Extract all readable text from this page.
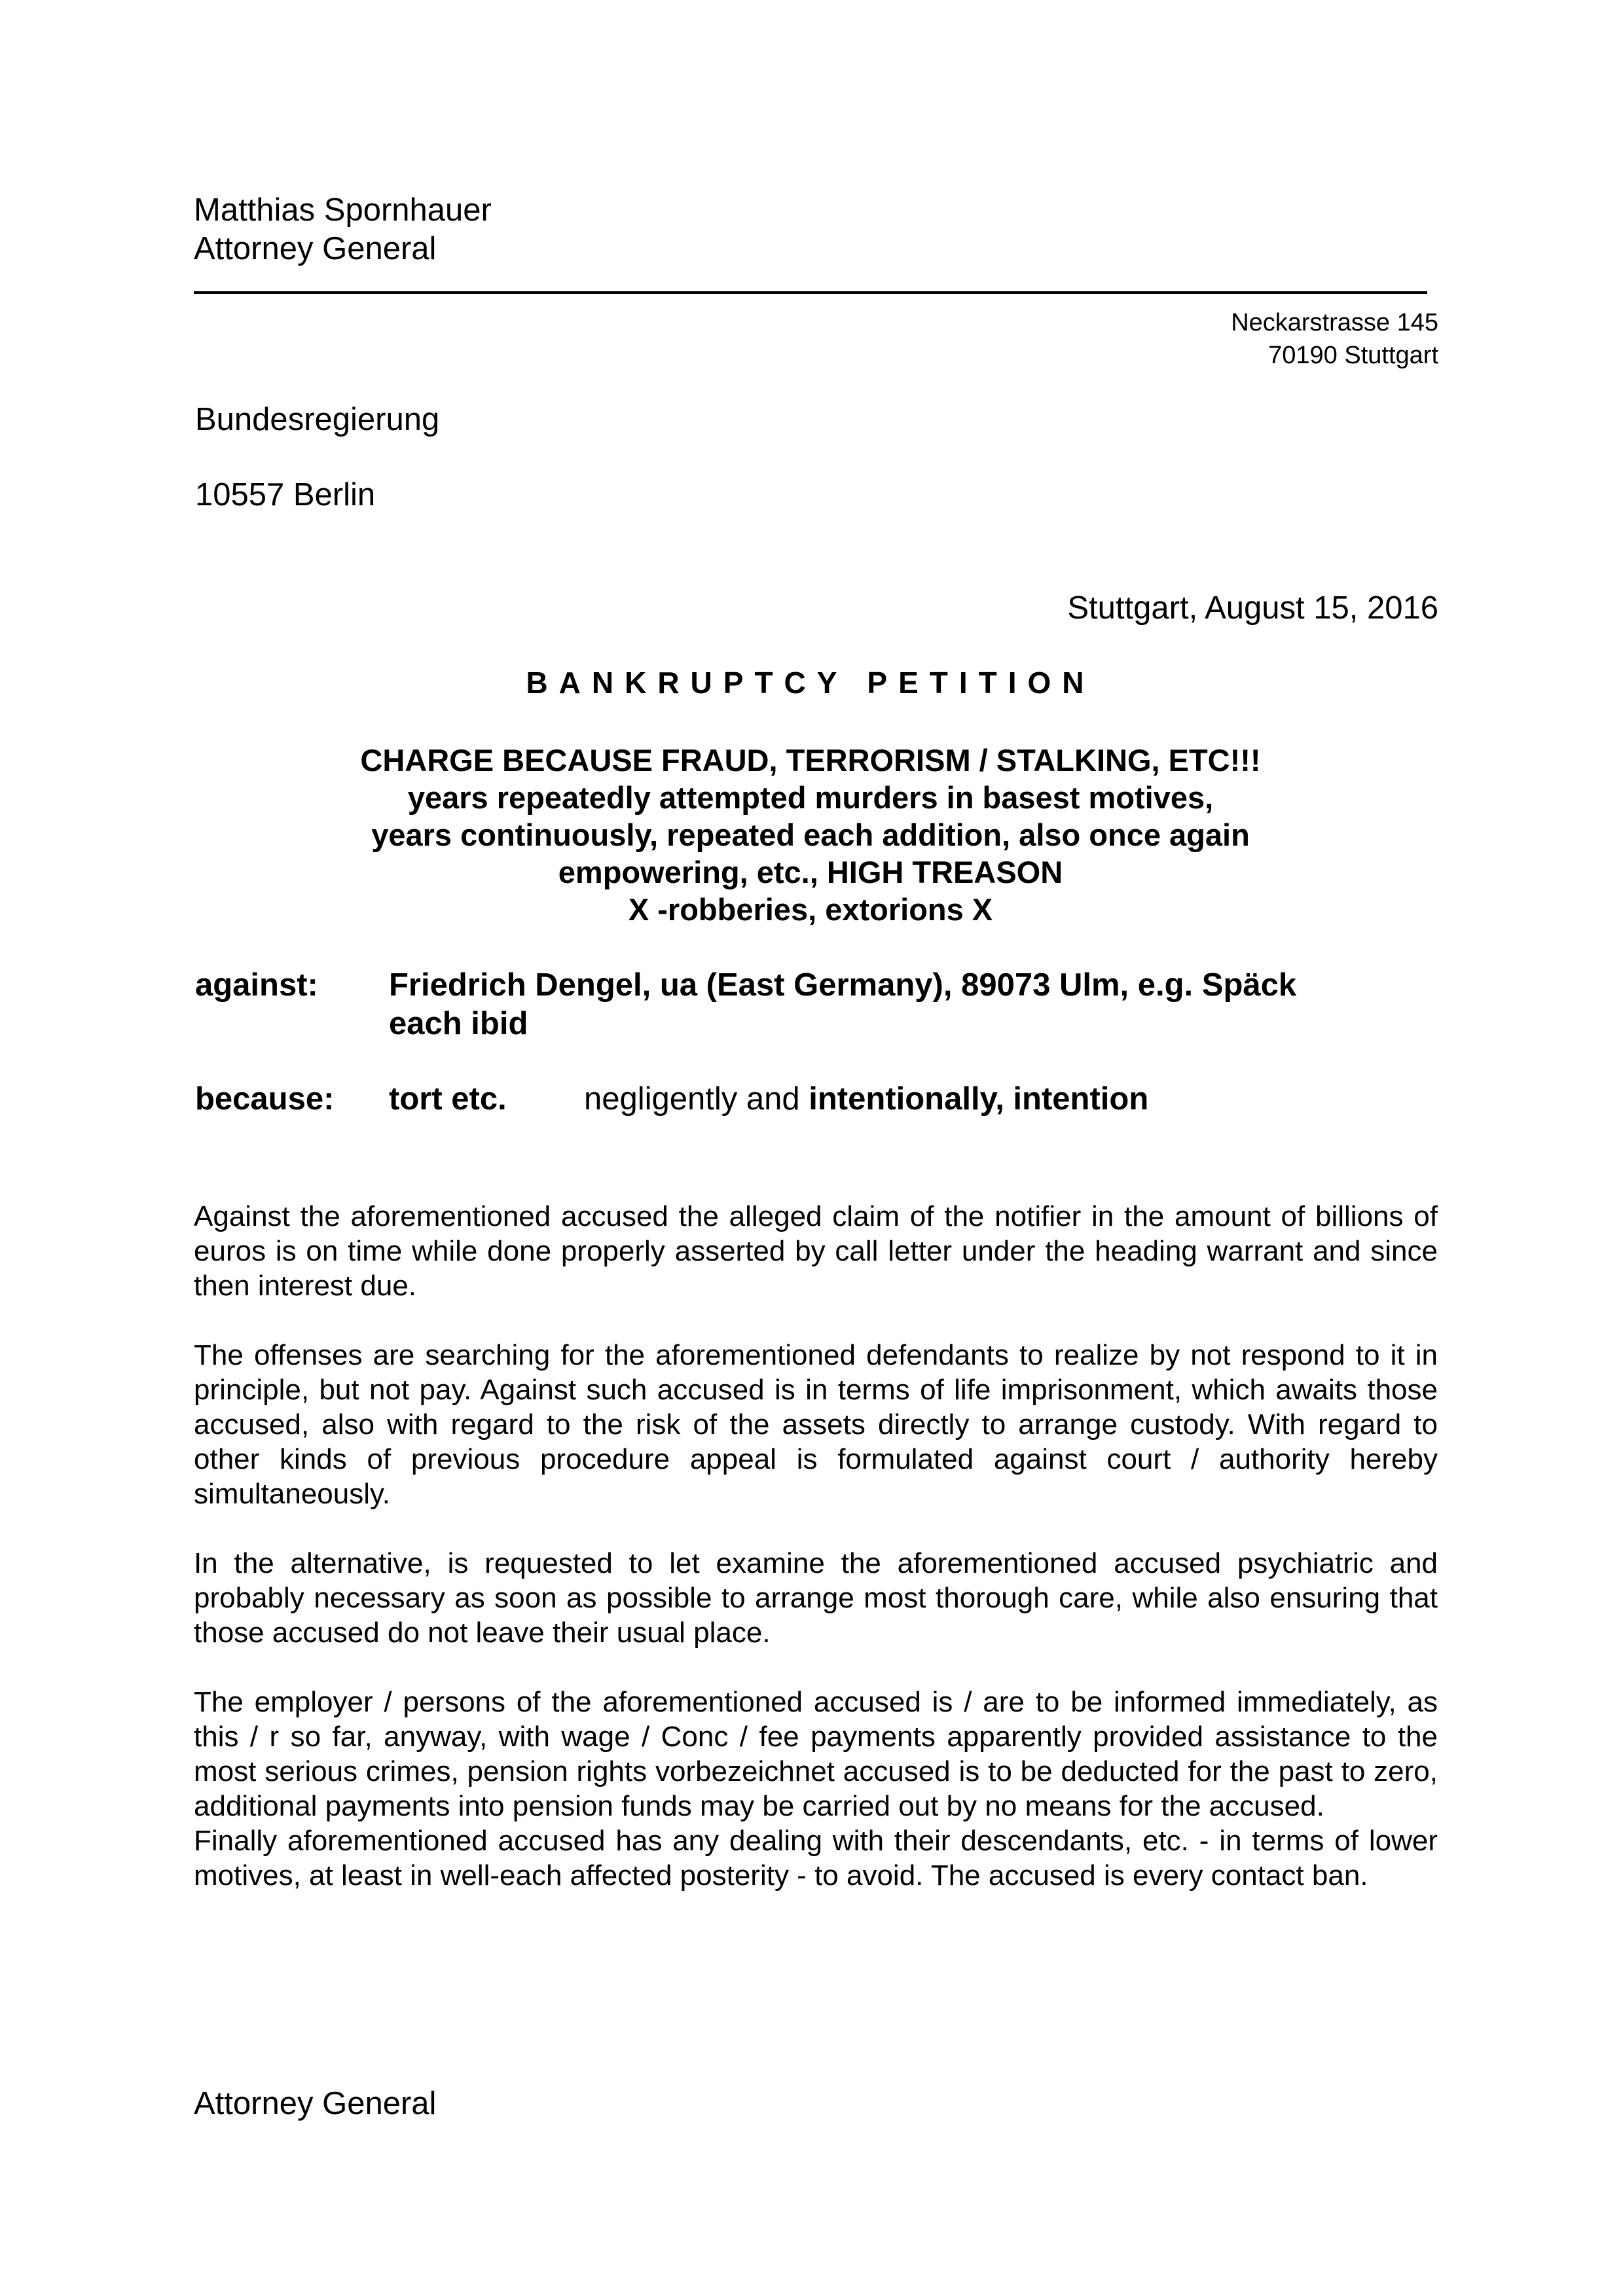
Matthias Spornhauer
Attorney General
Neckarstrasse 145
70190 Stuttgart
Bundesregierung
10557 Berlin
Stuttgart, August 15, 2016
BANKRUPTCY PETITION
CHARGE BECAUSE FRAUD, TERRORISM / STALKING, ETC!!!
years repeatedly attempted murders in basest motives,
years continuously, repeated each addition, also once again
empowering, etc., HIGH TREASON
X -robberies, extorions X
against: Friedrich Dengel, ua (East Germany), 89073 Ulm, e.g. Späck
each ibid
because: tort etc.	negligently and intentionally, intention

Against the aforementioned accused the alleged claim of the notifier in the amount of billions of euros is on time while done properly asserted by call letter under the heading warrant and since then interest due.

The offenses are searching for the aforementioned defendants to realize by not respond to it in principle, but not pay. Against such accused is in terms of life imprisonment, which awaits those accused, also with regard to the risk of the assets directly to arrange custody. With regard to other kinds of previous procedure appeal is formulated against court / authority hereby simultaneously.

In the alternative, is requested to let examine the aforementioned accused psychiatric and probably necessary as soon as possible to arrange most thorough care, while also ensuring that those accused do not leave their usual place.

The employer / persons of the aforementioned accused is / are to be informed immediately, as this / r so far, anyway, with wage / Conc / fee payments apparently provided assistance to the most serious crimes, pension rights vorbezeichnet accused is to be deducted for the past to zero, additional payments into pension funds may be carried out by no means for the accused.

Finally aforementioned accused has any dealing with their descendants, etc. - in terms of lower motives, at least in well-each affected posterity - to avoid. The accused is every contact ban.

Attorney General
